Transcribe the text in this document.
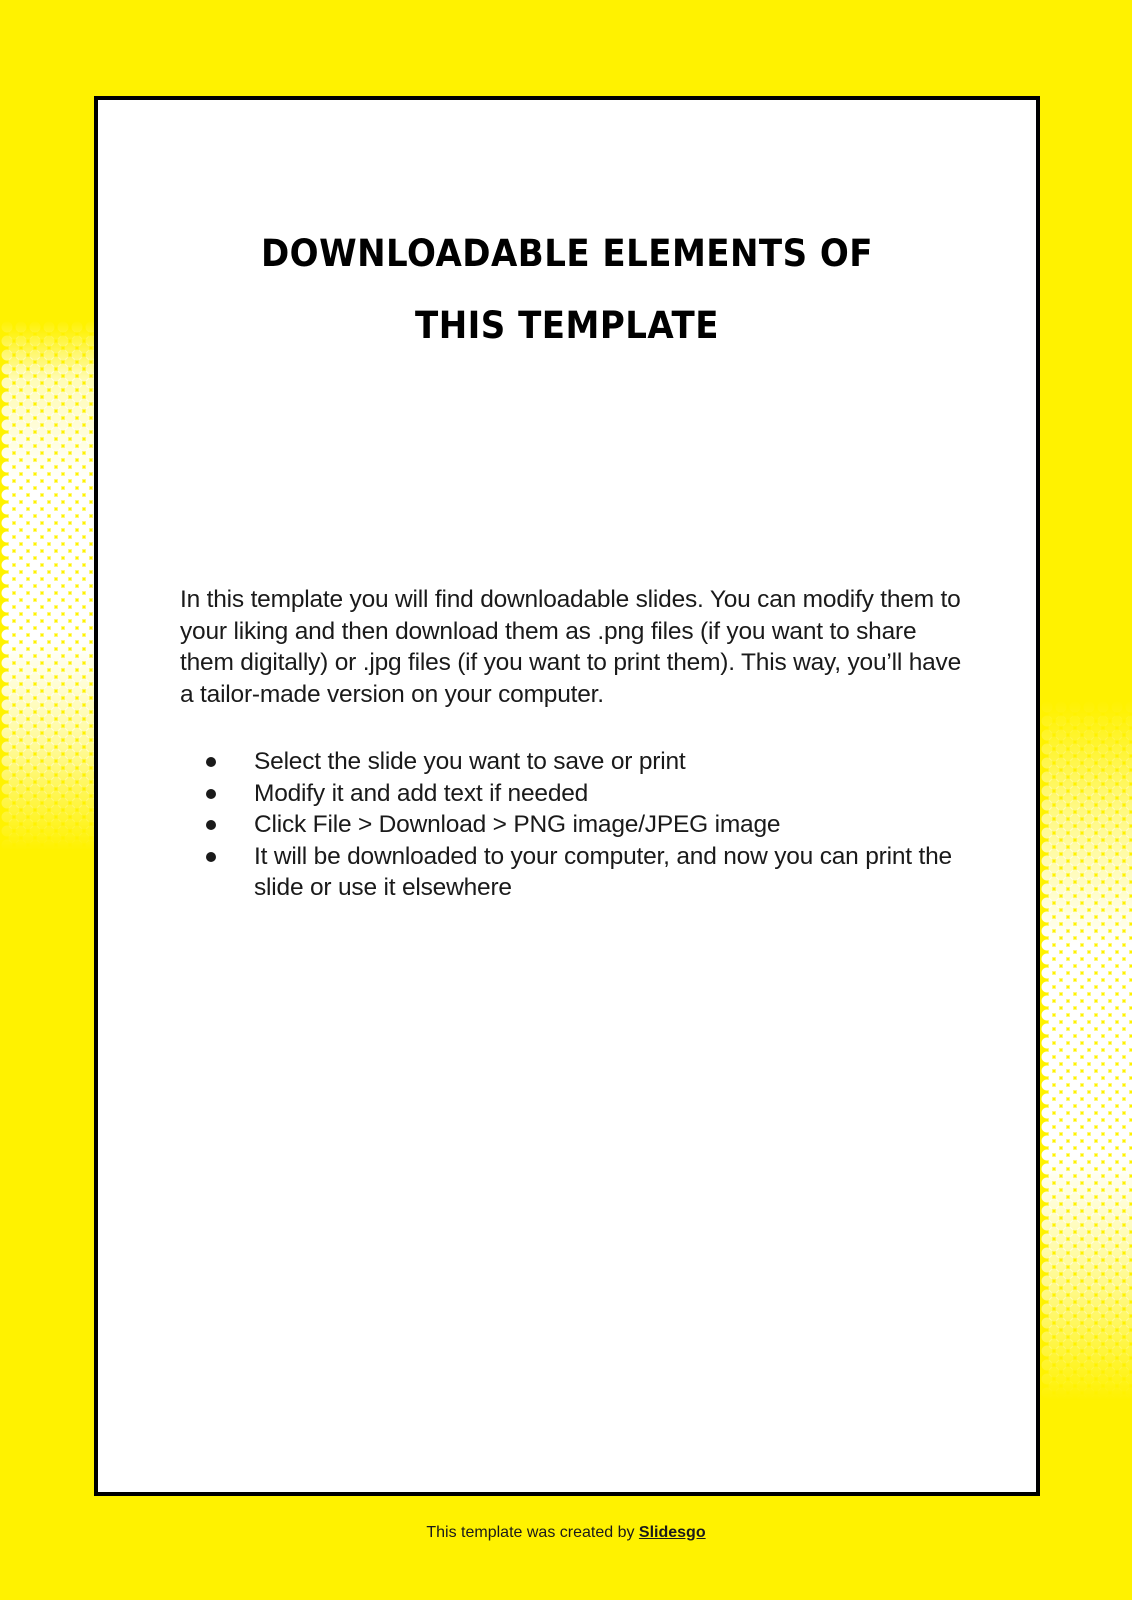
DOWNLOADABLE ELEMENTS OF THIS TEMPLATE

In this template you will find downloadable slides. You can modify them to your liking and then download them as .png files (if you want to share them digitally) or .jpg files (if you want to print them). This way, you’ll have a tailor-made version on your computer.

Select the slide you want to save or print
Modify it and add text if needed
Click File > Download > PNG image/JPEG image
It will be downloaded to your computer, and now you can print the slide or use it elsewhere
This template was created by Slidesgo
